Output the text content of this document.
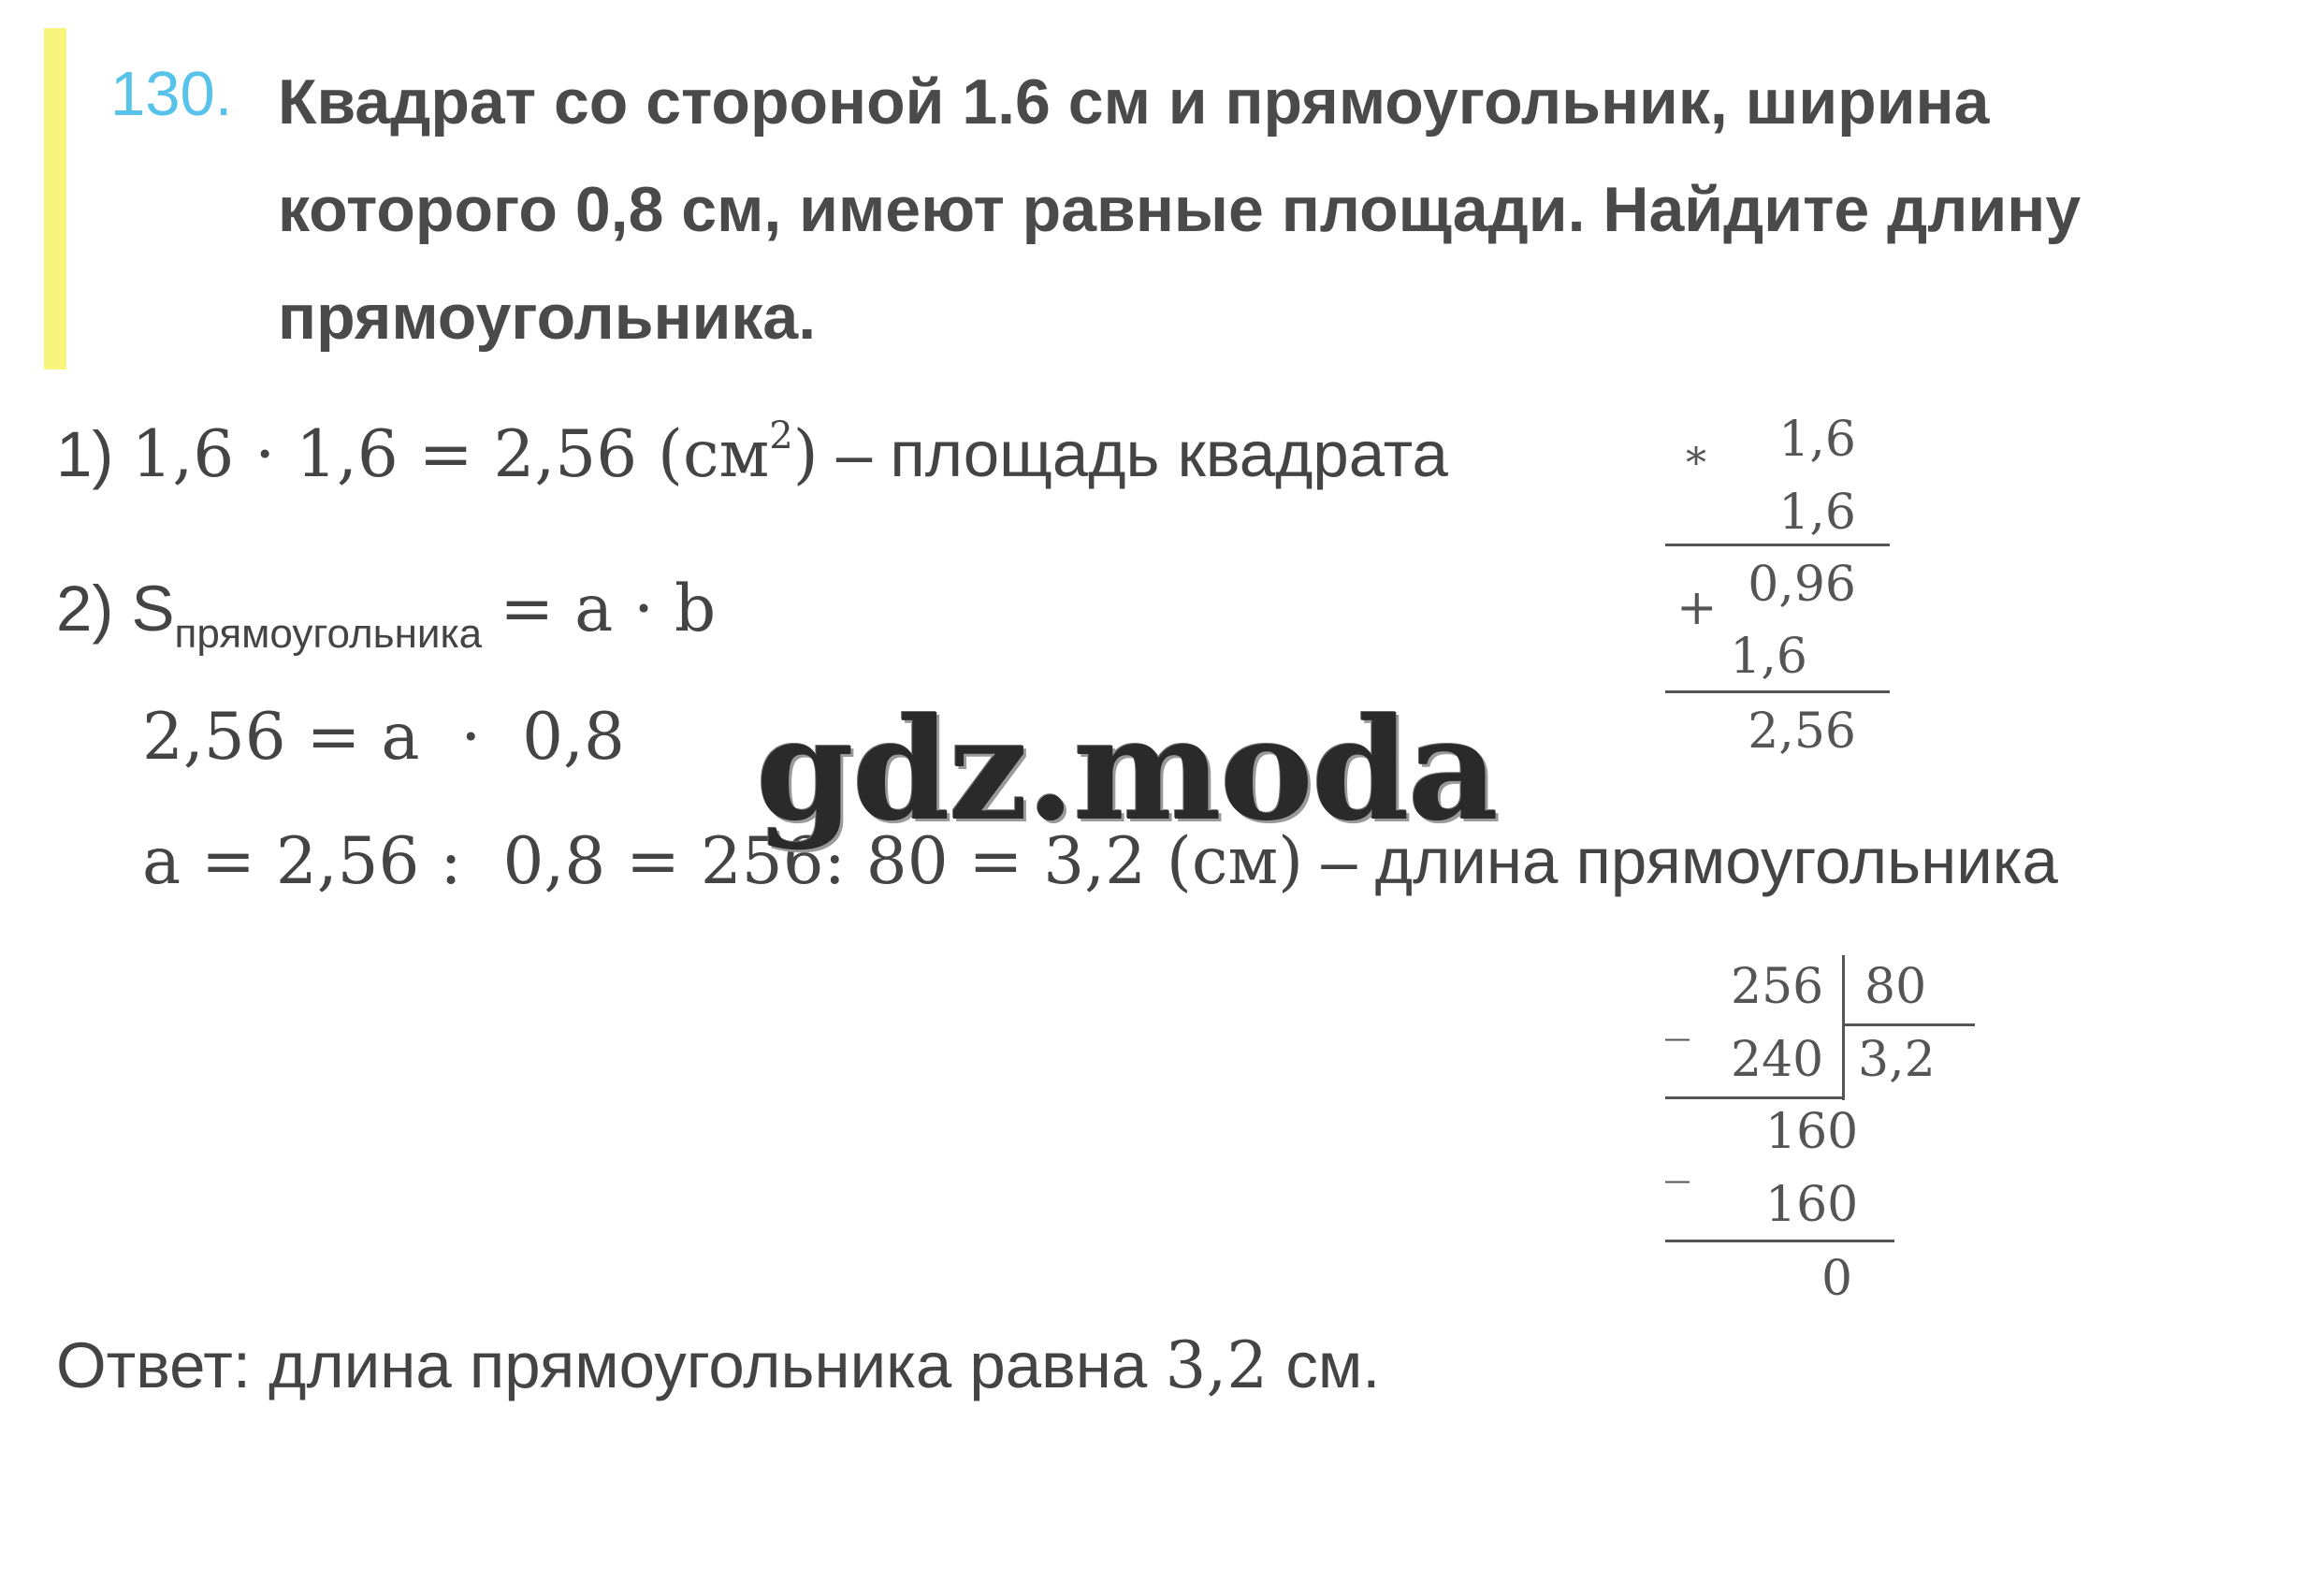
130. Квадрат со стороной 1.6 см и прямоугольник, ширина которого 0,8 см, имеют равные площади. Найдите длину прямоугольника.
1) 1,6 · 1,6 = 2,56 $(см^2)$ – площадь квадрата
2) $S_{прямоугольника} = a \cdot b$
2,56 = a  ·  0,8
a = 2,56 :  0,8 = 256: 80 = 3,2 (см) – длина прямоугольника
* 1,6
1,6
+ 0,96
1,6
2,56
_ 256 80
240 3,2
_ 160
160
0
gdz.moda
Ответ: длина прямоугольника равна 3,2 см.
